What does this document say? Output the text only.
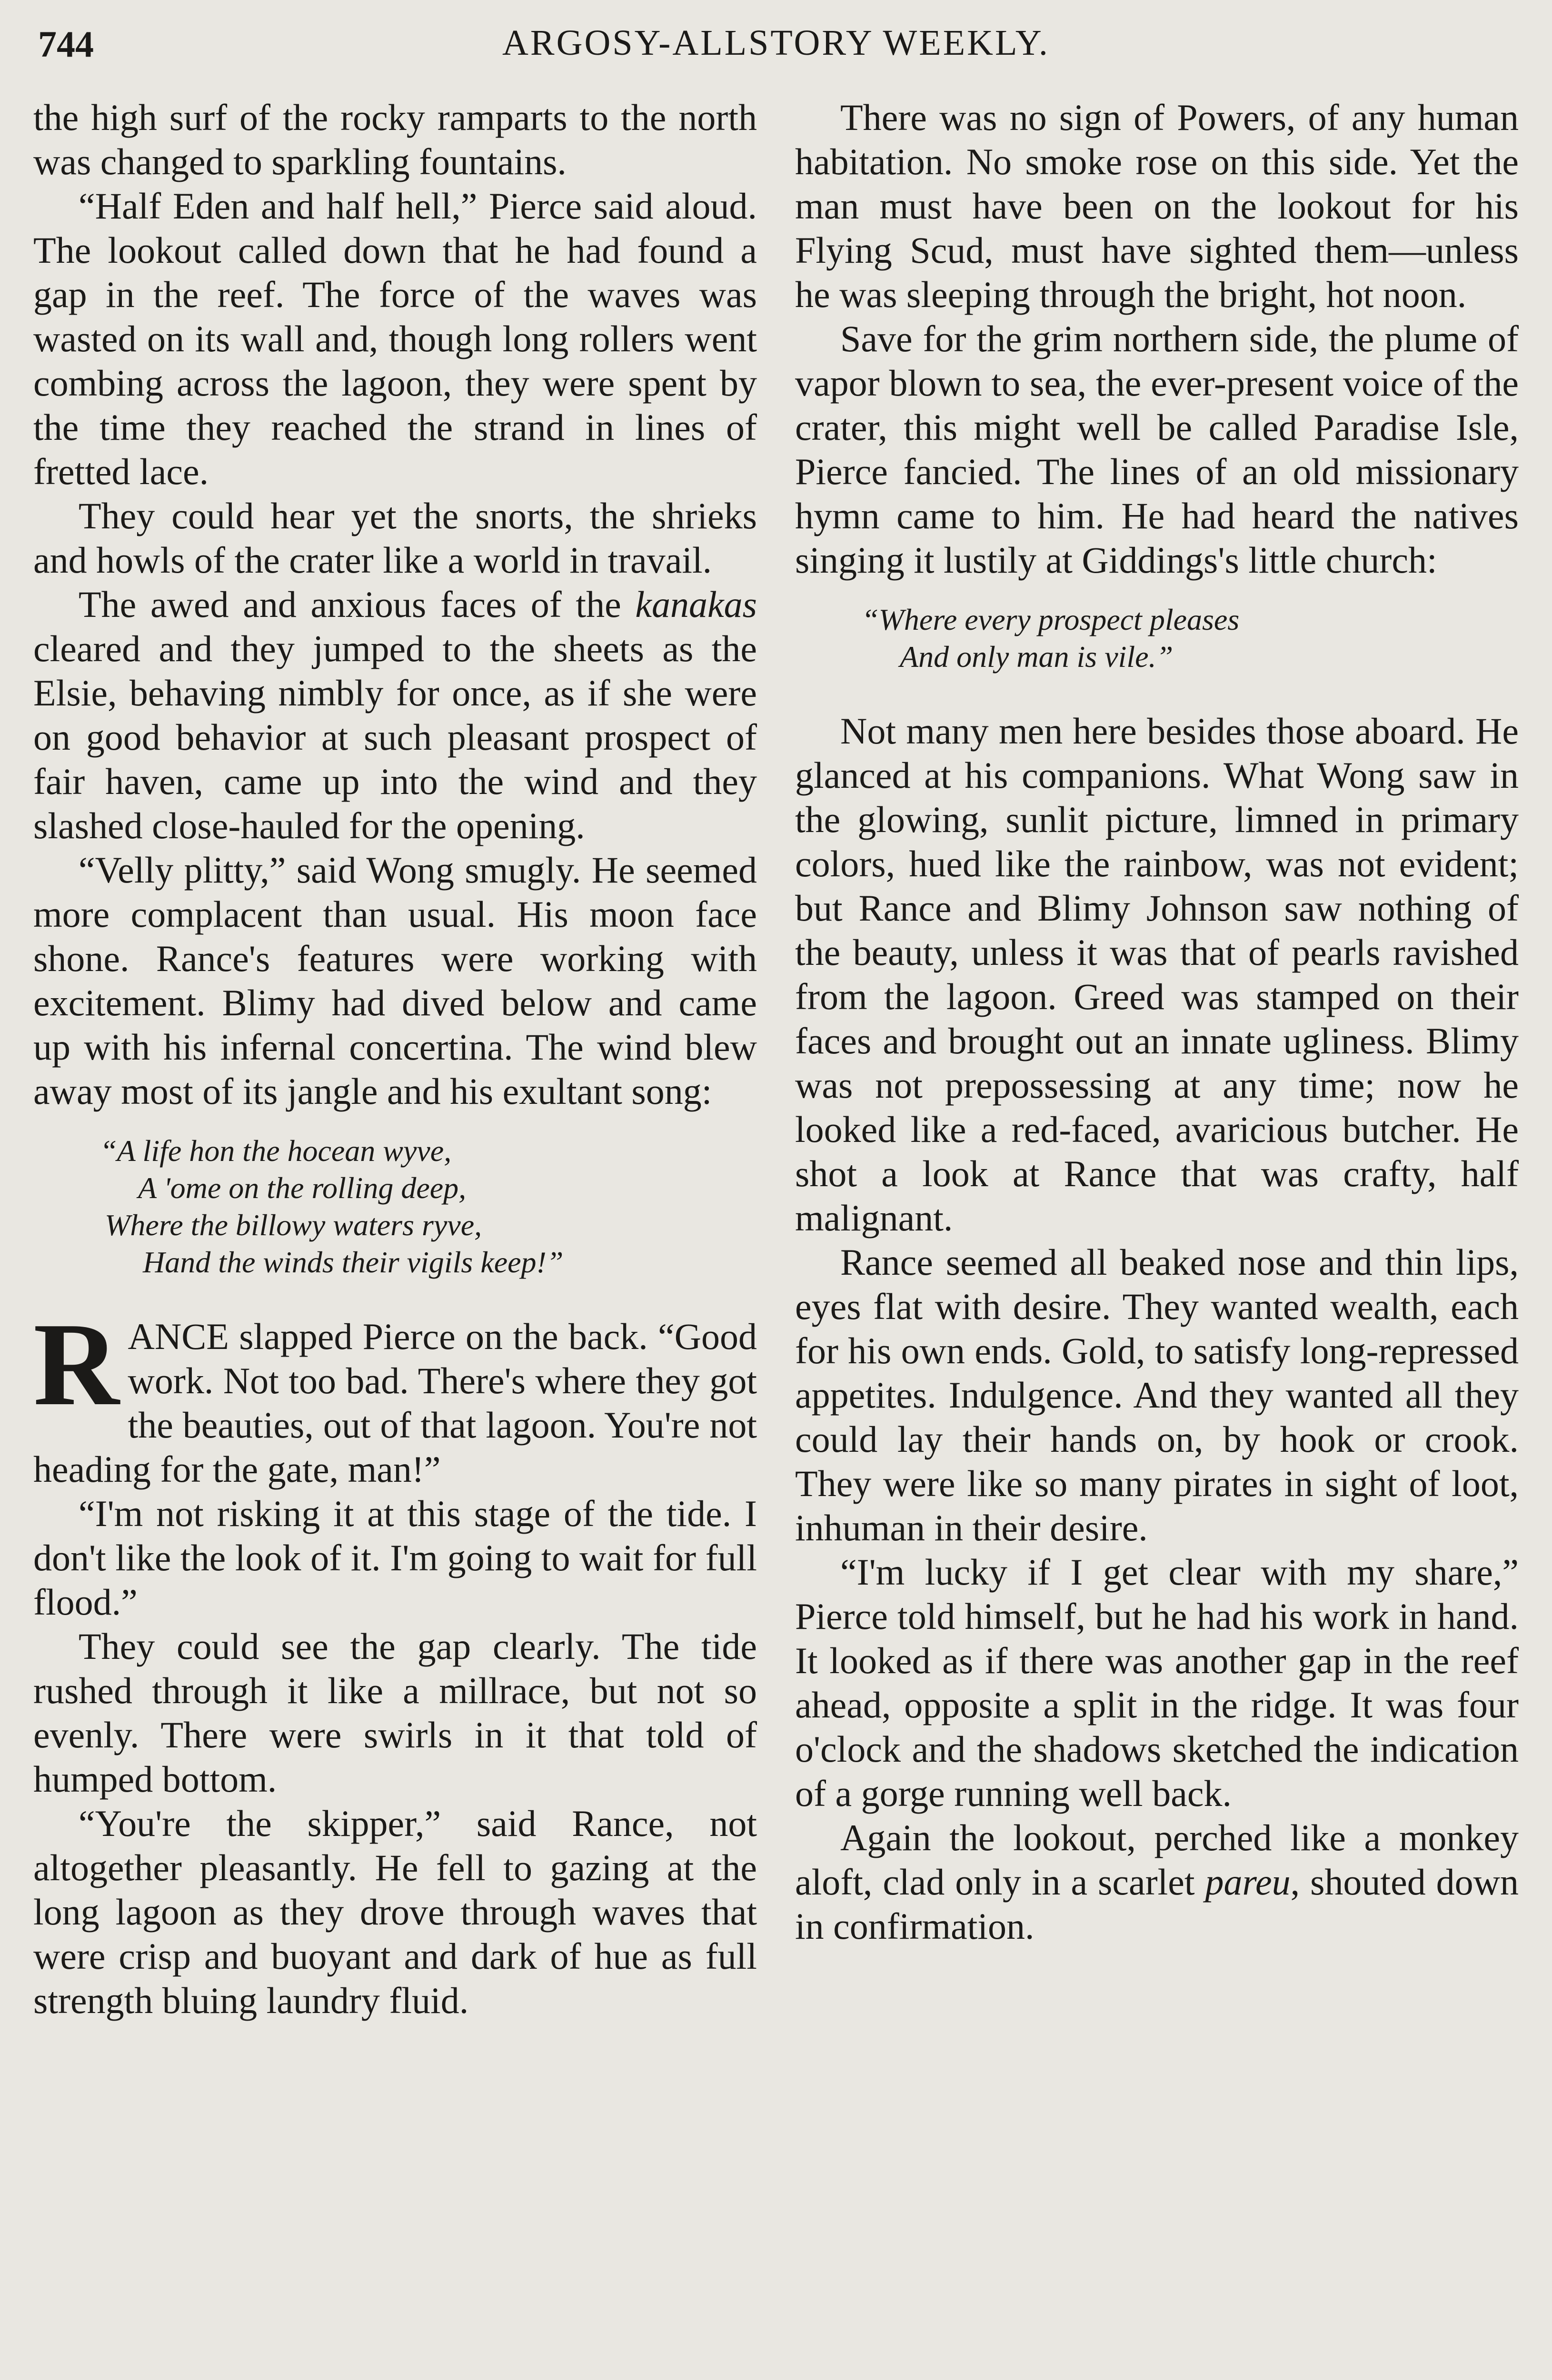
744	ARGOSY-ALLSTORY WEEKLY.

the high surf of the rocky ramparts to the north was changed to sparkling fountains.

“Half Eden and half hell,” Pierce said aloud. The lookout called down that he had found a gap in the reef. The force of the waves was wasted on its wall and, though long rollers went combing across the lagoon, they were spent by the time they reached the strand in lines of fretted lace.

They could hear yet the snorts, the shrieks and howls of the crater like a world in travail.

The awed and anxious faces of the kanakas cleared and they jumped to the sheets as the Elsie, behaving nimbly for once, as if she were on good behavior at such pleasant prospect of fair haven, came up into the wind and they slashed close-hauled for the opening.

“Velly plitty,” said Wong smugly. He seemed more complacent than usual. His moon face shone. Rance's features were working with excitement. Blimy had dived below and came up with his infernal concertina. The wind blew away most of its jangle and his exultant song:

“A life hon the hocean wyve,
A 'ome on the rolling deep,
Where the billowy waters ryve,
Hand the winds their vigils keep!”

RANCE slapped Pierce on the back. “Good work. Not too bad. There's where they got the beauties, out of that lagoon. You're not heading for the gate, man!”

“I'm not risking it at this stage of the tide. I don't like the look of it. I'm going to wait for full flood.”

They could see the gap clearly. The tide rushed through it like a millrace, but not so evenly. There were swirls in it that told of humped bottom.

“You're the skipper,” said Rance, not altogether pleasantly. He fell to gazing at the long lagoon as they drove through waves that were crisp and buoyant and dark of hue as full strength bluing laundry fluid.

There was no sign of Powers, of any human habitation. No smoke rose on this side. Yet the man must have been on the lookout for his Flying Scud, must have sighted them—unless he was sleeping through the bright, hot noon.

Save for the grim northern side, the plume of vapor blown to sea, the ever-present voice of the crater, this might well be called Paradise Isle, Pierce fancied. The lines of an old missionary hymn came to him. He had heard the natives singing it lustily at Giddings's little church:

“Where every prospect pleases
And only man is vile.”

Not many men here besides those aboard. He glanced at his companions. What Wong saw in the glowing, sunlit picture, limned in primary colors, hued like the rainbow, was not evident; but Rance and Blimy Johnson saw nothing of the beauty, unless it was that of pearls ravished from the lagoon. Greed was stamped on their faces and brought out an innate ugliness. Blimy was not prepossessing at any time; now he looked like a red-faced, avaricious butcher. He shot a look at Rance that was crafty, half malignant.

Rance seemed all beaked nose and thin lips, eyes flat with desire. They wanted wealth, each for his own ends. Gold, to satisfy long-repressed appetites. Indulgence. And they wanted all they could lay their hands on, by hook or crook. They were like so many pirates in sight of loot, inhuman in their desire.

“I'm lucky if I get clear with my share,” Pierce told himself, but he had his work in hand. It looked as if there was another gap in the reef ahead, opposite a split in the ridge. It was four o'clock and the shadows sketched the indication of a gorge running well back.

Again the lookout, perched like a monkey aloft, clad only in a scarlet pareu, shouted down in confirmation.
